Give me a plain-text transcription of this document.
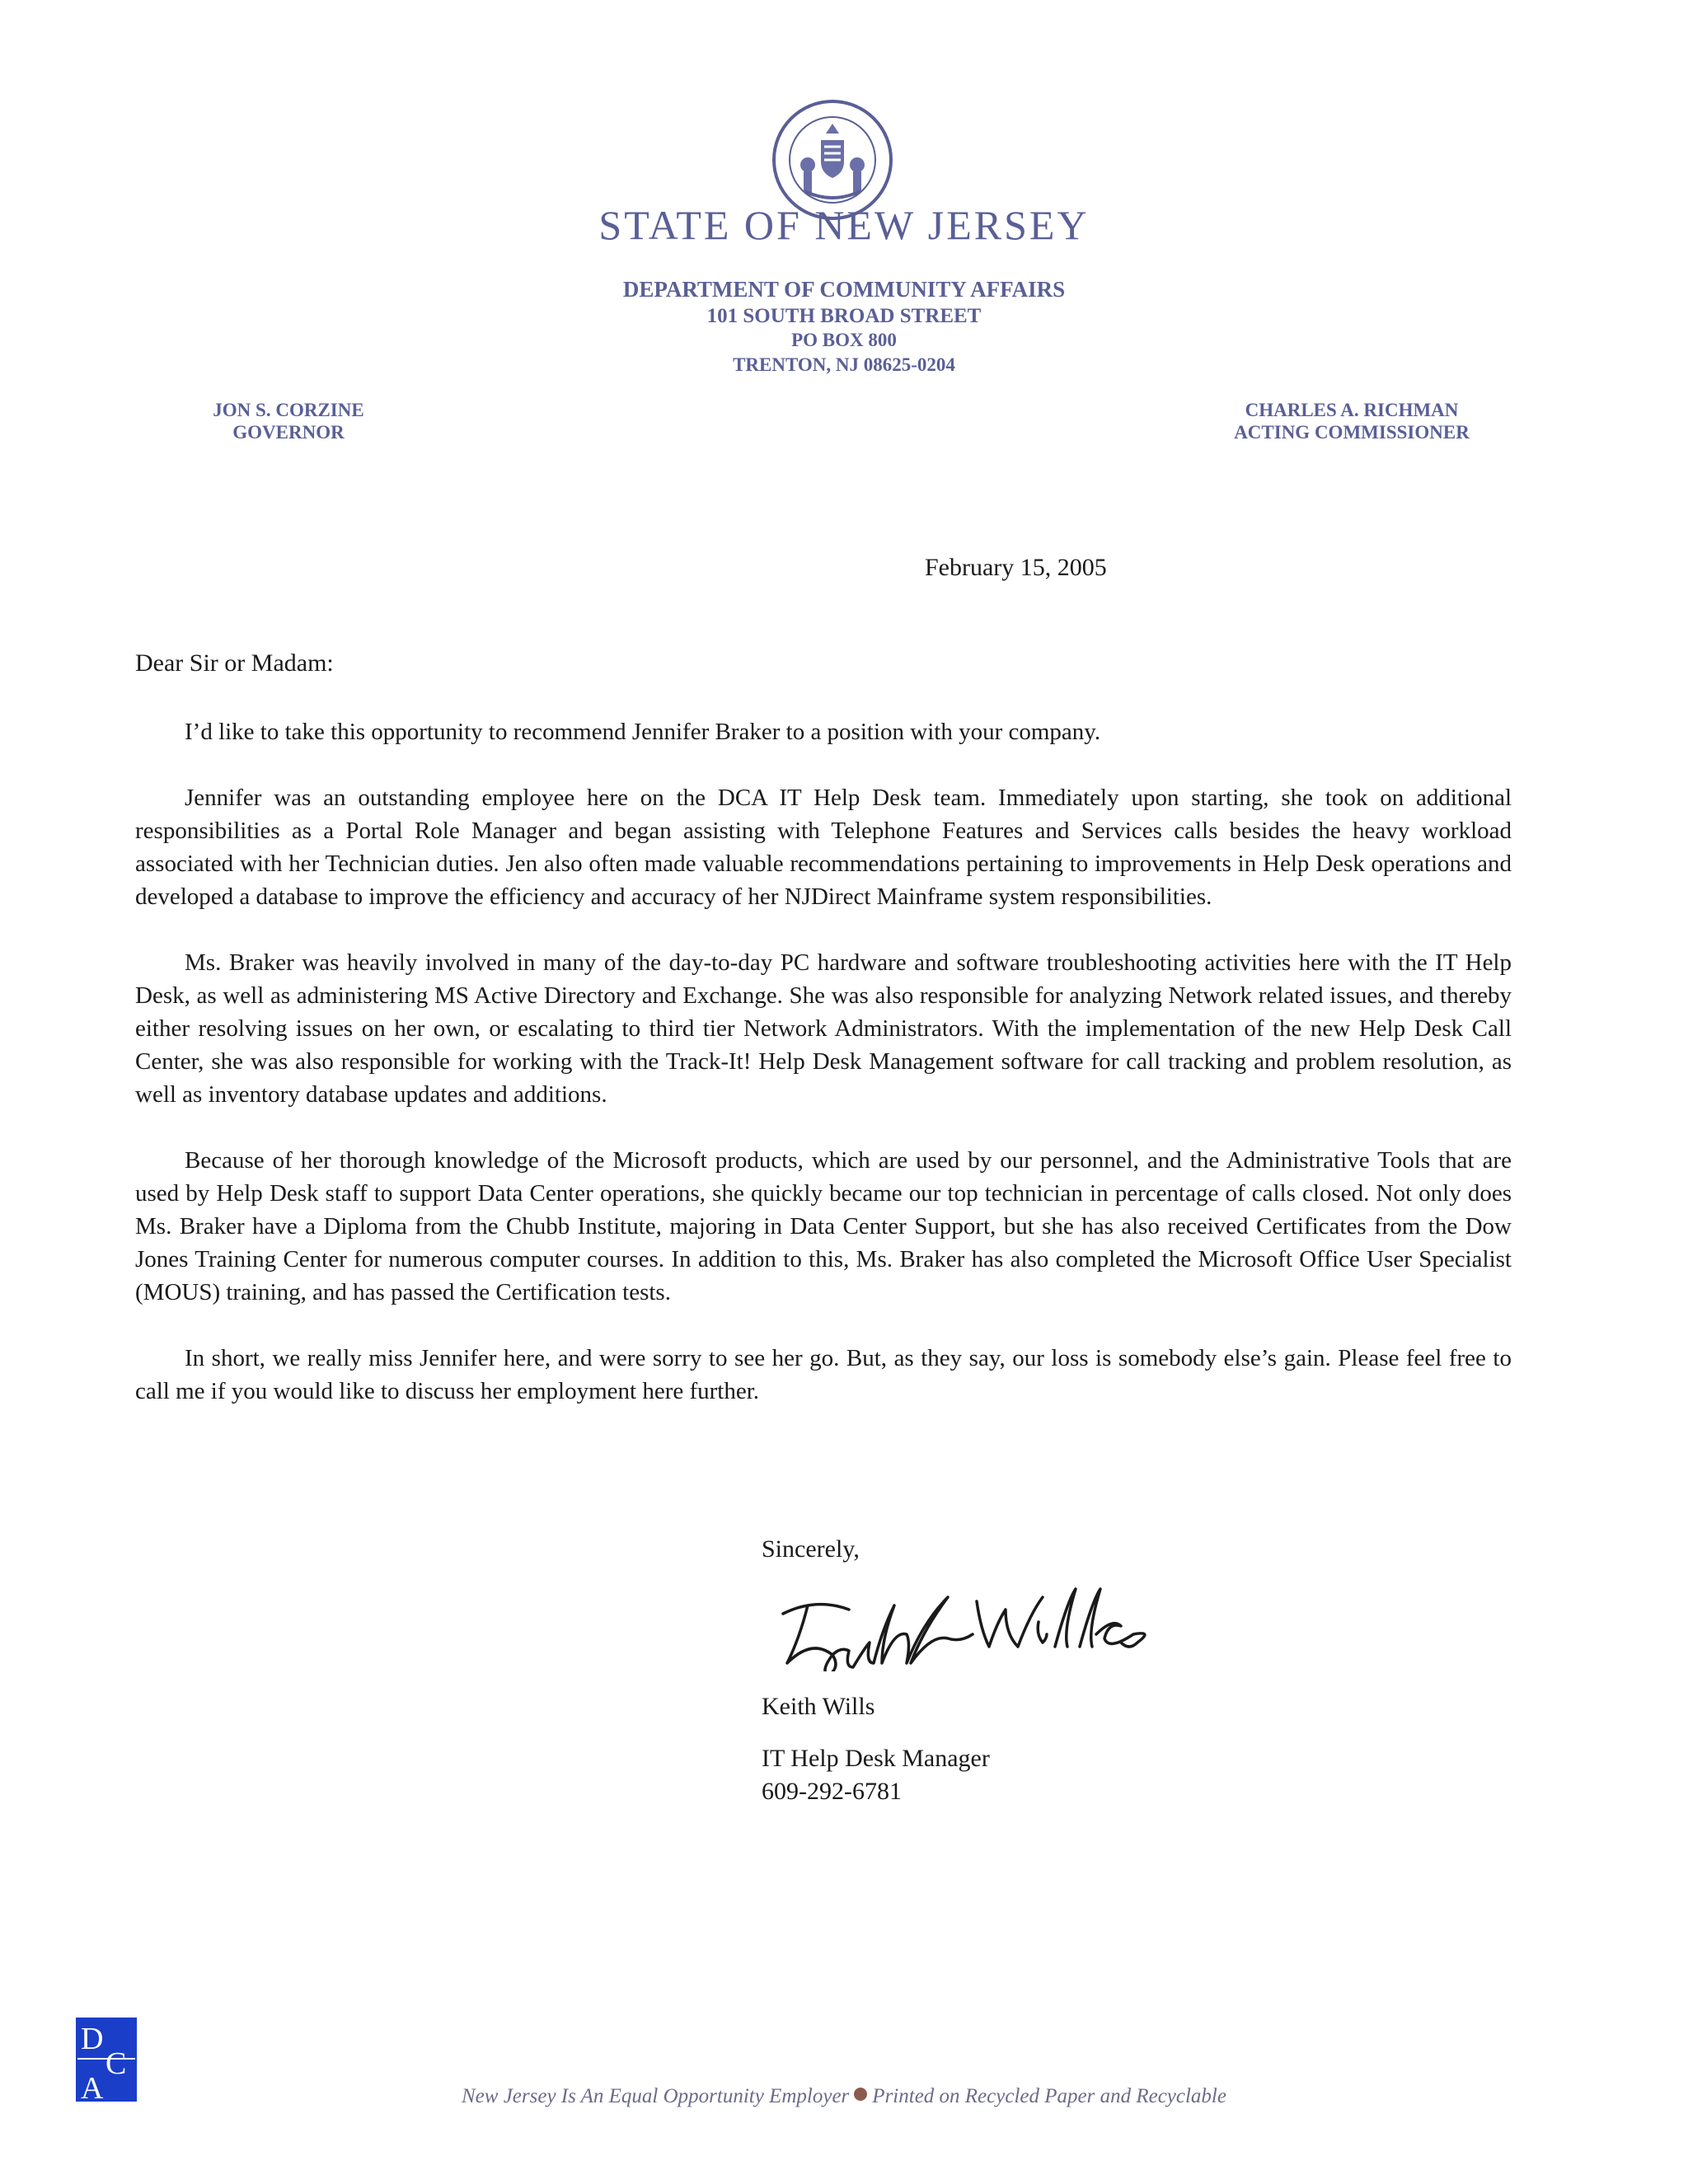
STATE OF NEW JERSEY
DEPARTMENT OF COMMUNITY AFFAIRS
101 SOUTH BROAD STREET
PO BOX 800
TRENTON, NJ 08625-0204
JON S. CORZINE
GOVERNOR
CHARLES A. RICHMAN
ACTING COMMISSIONER
February 15, 2005
Dear Sir or Madam:

I’d like to take this opportunity to recommend Jennifer Braker to a position with your company.

Jennifer was an outstanding employee here on the DCA IT Help Desk team. Immediately upon starting, she took on additional responsibilities as a Portal Role Manager and began assisting with Telephone Features and Services calls besides the heavy workload associated with her Technician duties. Jen also often made valuable recommendations pertaining to improvements in Help Desk operations and developed a database to improve the efficiency and accuracy of her NJDirect Mainframe system responsibilities.

Ms. Braker was heavily involved in many of the day-to-day PC hardware and software troubleshooting activities here with the IT Help Desk, as well as administering MS Active Directory and Exchange. She was also responsible for analyzing Network related issues, and thereby either resolving issues on her own, or escalating to third tier Network Administrators. With the implementation of the new Help Desk Call Center, she was also responsible for working with the Track-It! Help Desk Management software for call tracking and problem resolution, as well as inventory database updates and additions.

Because of her thorough knowledge of the Microsoft products, which are used by our personnel, and the Administrative Tools that are used by Help Desk staff to support Data Center operations, she quickly became our top technician in percentage of calls closed. Not only does Ms. Braker have a Diploma from the Chubb Institute, majoring in Data Center Support, but she has also received Certificates from the Dow Jones Training Center for numerous computer courses. In addition to this, Ms. Braker has also completed the Microsoft Office User Specialist (MOUS) training, and has passed the Certification tests.

In short, we really miss Jennifer here, and were sorry to see her go. But, as they say, our loss is somebody else’s gain. Please feel free to call me if you would like to discuss her employment here further.

Sincerely,
Keith Wills
IT Help Desk Manager
609-292-6781
D
C
A	New Jersey Is An Equal Opportunity Employer Printed on Recycled Paper and Recyclable
